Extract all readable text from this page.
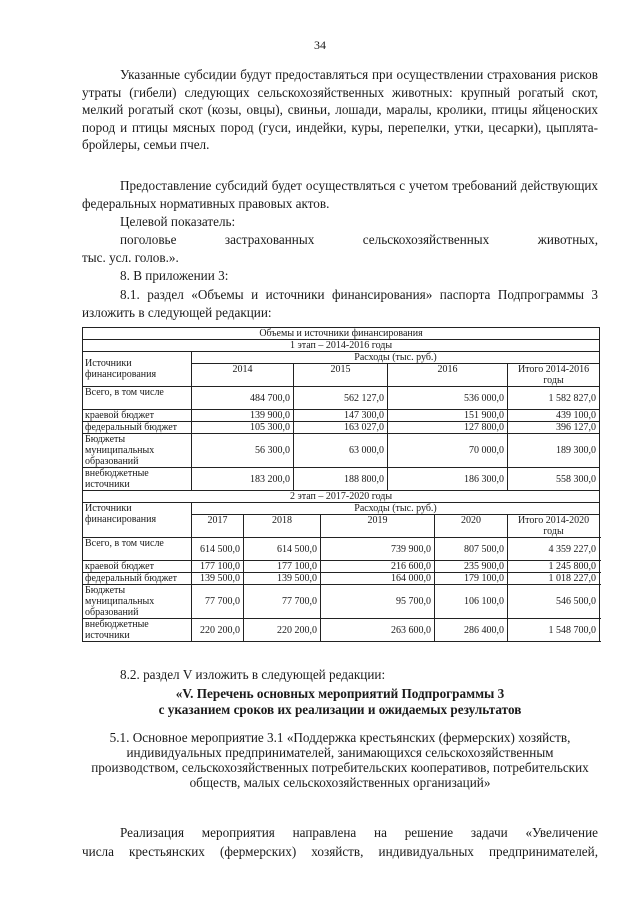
34
Указанные субсидии будут предоставляться при осуществлении страхования рисков утраты (гибели) следующих сельскохозяйственных животных: крупный рогатый скот, мелкий рогатый скот (козы, овцы), свиньи, лошади, маралы, кролики, птицы яйценоских пород и птицы мясных пород (гуси, индейки, куры, перепелки, утки, цесарки), цыплята-бройлеры, семьи пчел.
Предоставление субсидий будет осуществляться с учетом требований действующих федеральных нормативных правовых актов.
Целевой показатель:
поголовье застрахованных сельскохозяйственных животных,
тыс. усл. голов.».
8. В приложении 3:
8.1. раздел «Объемы и источники финансирования» паспорта Подпрограммы 3 изложить в следующей редакции:
Объемы и источники финансирования							
1 этап – 2014-2016 годы							
Источники финансирования	Расходы (тыс. руб.)						
	2014		2015		2016		Итого 2014-2016 годы
Всего, в том числе	484 700,0		562 127,0		536 000,0		1 582 827,0
краевой бюджет	139 900,0		147 300,0		151 900,0		439 100,0
федеральный бюджет	105 300,0		163 027,0		127 800,0		396 127,0

Бюджеты муниципальных образований	56 300,0		63 000,0		70 000,0		189 300,0
внебюджетные источники	183 200,0		188 800,0		186 300,0		558 300,0
2 этап – 2017-2020 годы							
Источники финансирования	Расходы (тыс. руб.)						
	2017	2018		2019		2020	Итого 2014-2020 годы
Всего, в том числе	614 500,0	614 500,0		739 900,0		807 500,0	4 359 227,0
краевой бюджет	177 100,0	177 100,0		216 600,0		235 900,0	1 245 800,0
федеральный бюджет	139 500,0	139 500,0		164 000,0		179 100,0	1 018 227,0

Бюджеты муниципальных образований	77 700,0	77 700,0		95 700,0		106 100,0	546 500,0
внебюджетные источники	220 200,0	220 200,0		263 600,0		286 400,0	1 548 700,0
8.2. раздел V изложить в следующей редакции:
«V. Перечень основных мероприятий Подпрограммы 3
с указанием сроков их реализации и ожидаемых результатов
5.1. Основное мероприятие 3.1 «Поддержка крестьянских (фермерских) хозяйств, индивидуальных предпринимателей, занимающихся сельскохозяйственным производством, сельскохозяйственных потребительских кооперативов, потребительских обществ, малых сельскохозяйственных организаций»
Реализация мероприятия направлена на решение задачи «Увеличение
числа крестьянских (фермерских) хозяйств, индивидуальных предпринимателей,
